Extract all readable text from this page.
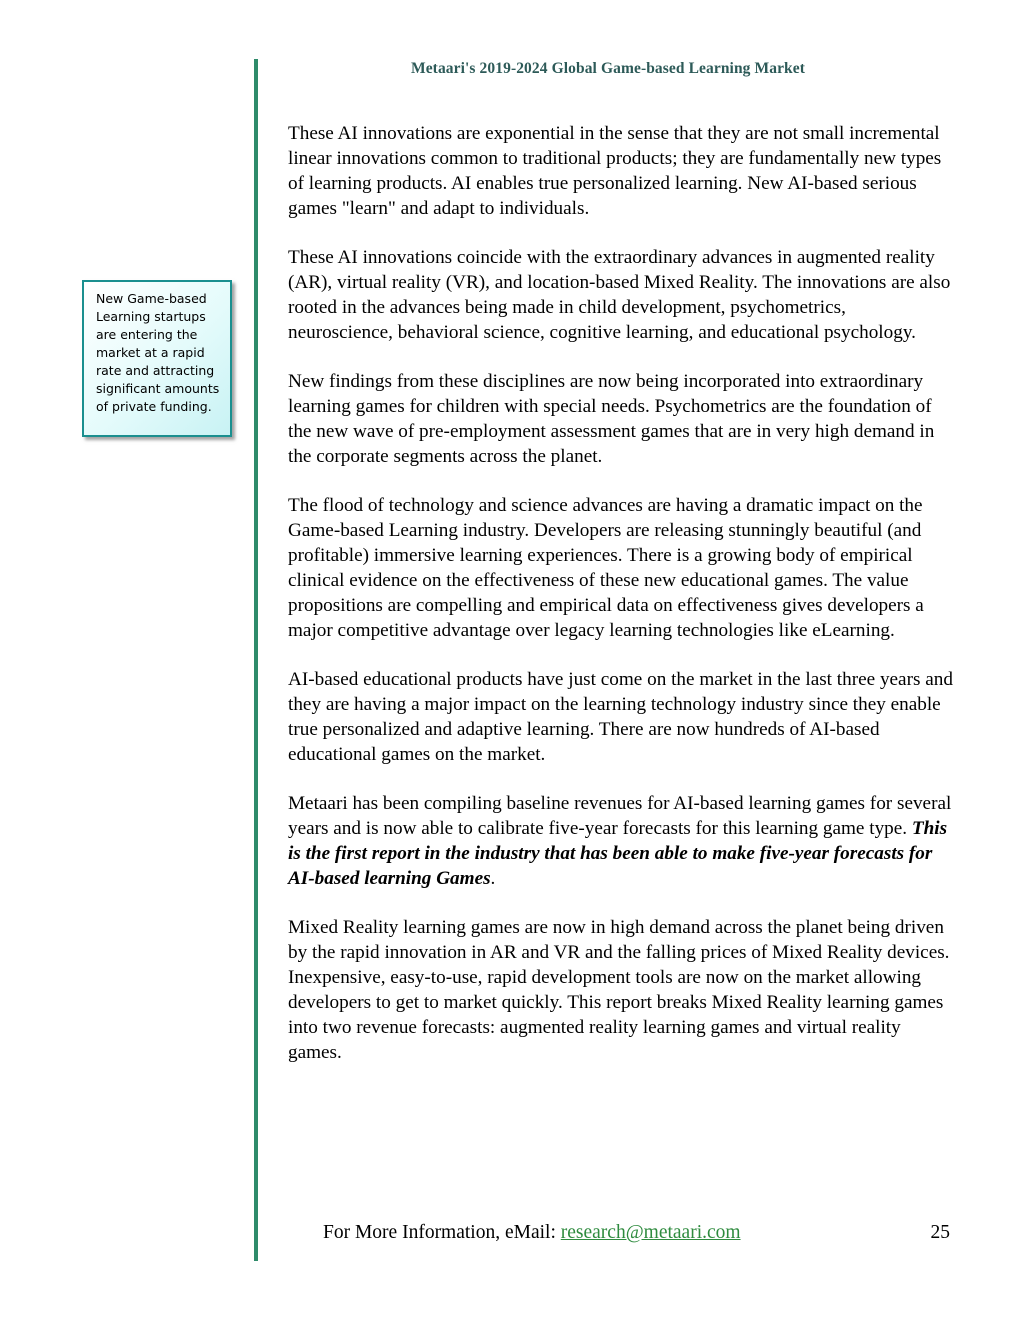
Metaari's 2019-2024 Global Game-based Learning Market
New Game-based Learning startups are entering the market at a rapid rate and attracting significant amounts of private funding.

These AI innovations are exponential in the sense that they are not small incremental linear innovations common to traditional products; they are fundamentally new types of learning products. AI enables true personalized learning. New AI-based serious games "learn" and adapt to individuals.

These AI innovations coincide with the extraordinary advances in augmented reality (AR), virtual reality (VR), and location-based Mixed Reality. The innovations are also rooted in the advances being made in child development, psychometrics, neuroscience, behavioral science, cognitive learning, and educational psychology.

New findings from these disciplines are now being incorporated into extraordinary learning games for children with special needs. Psychometrics are the foundation of the new wave of pre-employment assessment games that are in very high demand in the corporate segments across the planet.

The flood of technology and science advances are having a dramatic impact on the Game-based Learning industry. Developers are releasing stunningly beautiful (and profitable) immersive learning experiences. There is a growing body of empirical clinical evidence on the effectiveness of these new educational games. The value propositions are compelling and empirical data on effectiveness gives developers a major competitive advantage over legacy learning technologies like eLearning.

AI-based educational products have just come on the market in the last three years and they are having a major impact on the learning technology industry since they enable true personalized and adaptive learning. There are now hundreds of AI-based educational games on the market.

Metaari has been compiling baseline revenues for AI-based learning games for several years and is now able to calibrate five-year forecasts for this learning game type. This is the first report in the industry that has been able to make five-year forecasts for AI-based learning Games.

Mixed Reality learning games are now in high demand across the planet being driven by the rapid innovation in AR and VR and the falling prices of Mixed Reality devices. Inexpensive, easy-to-use, rapid development tools are now on the market allowing developers to get to market quickly. This report breaks Mixed Reality learning games into two revenue forecasts: augmented reality learning games and virtual reality games.

For More Information, eMail: research@metaari.com	25
